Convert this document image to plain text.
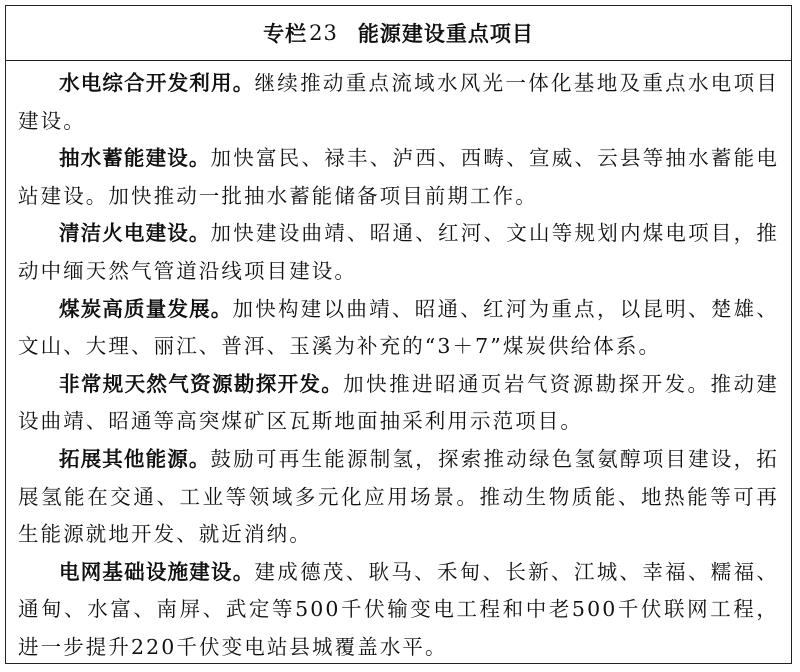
专栏 23 能源建设重点项目

水电综合开发利用。继续推动重点流域水风光一体化基地及重点水电项目建设。

抽水蓄能建设。加快富民、禄丰、泸西、西畴、宣威、云县等抽水蓄能电站建设。加快推动一批抽水蓄能储备项目前期工作。

清洁火电建设。加快建设曲靖、昭通、红河、文山等规划内煤电项目，推动中缅天然气管道沿线项目建设。

煤炭高质量发展。加快构建以曲靖、昭通、红河为重点，以昆明、楚雄、文山、大理、丽江、普洱、玉溪为补充的“3＋7”煤炭供给体系。

非常规天然气资源勘探开发。加快推进昭通页岩气资源勘探开发。推动建设曲靖、昭通等高突煤矿区瓦斯地面抽采利用示范项目。

拓展其他能源。鼓励可再生能源制氢，探索推动绿色氢氨醇项目建设，拓展氢能在交通、工业等领域多元化应用场景。推动生物质能、地热能等可再生能源就地开发、就近消纳。

电网基础设施建设。建成德茂、耿马、禾甸、长新、江城、幸福、糯福、通甸、水富、南屏、武定等500千伏输变电工程和中老500千伏联网工程，进一步提升220千伏变电站县城覆盖水平。
